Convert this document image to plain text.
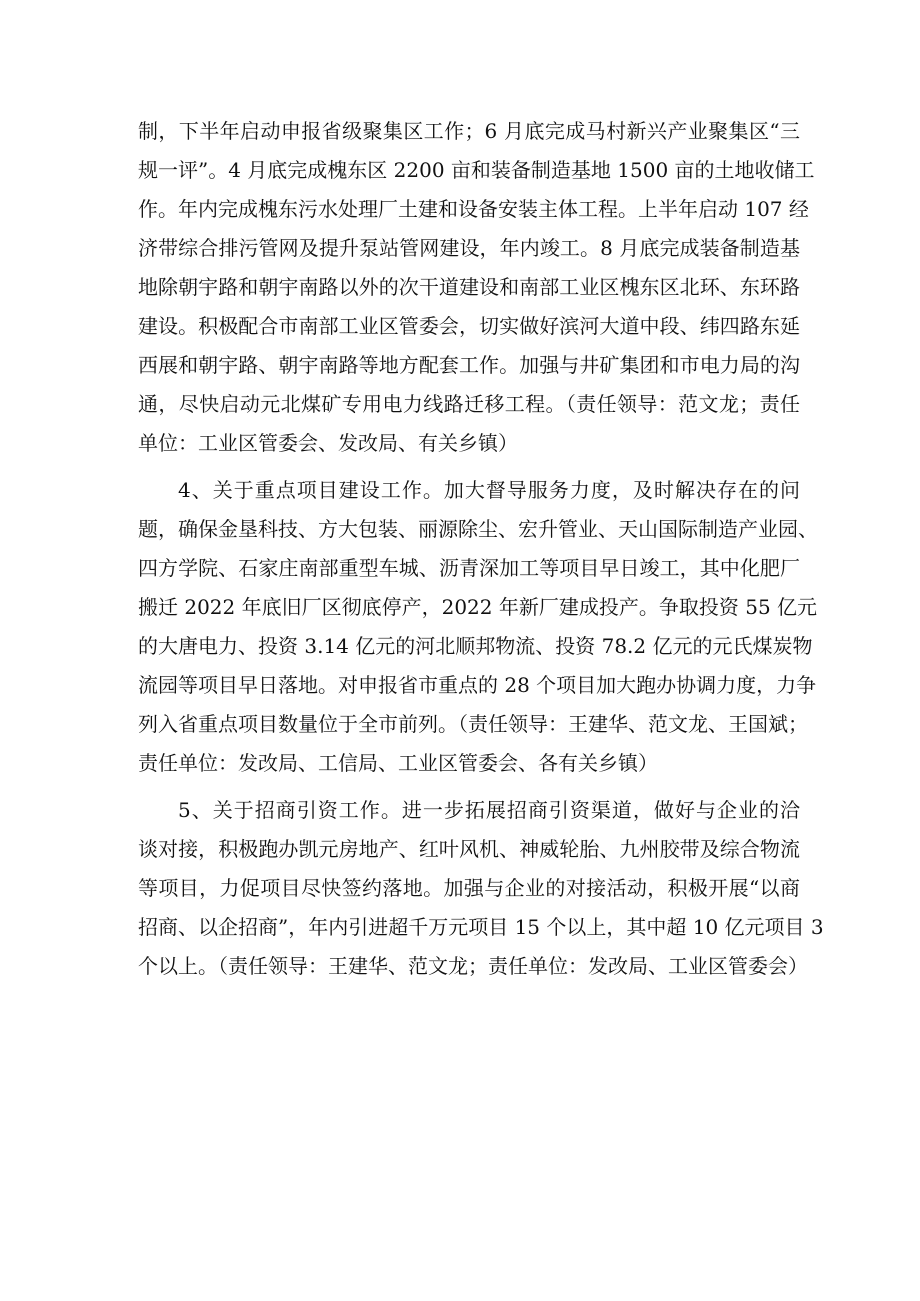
制，下半年启动申报省级聚集区工作；6 月底完成马村新兴产业聚集区“三
规一评”。4 月底完成槐东区 2200 亩和装备制造基地 1500 亩的土地收储工
作。年内完成槐东污水处理厂土建和设备安装主体工程。上半年启动 107 经
济带综合排污管网及提升泵站管网建设，年内竣工。8 月底完成装备制造基
地除朝宇路和朝宇南路以外的次干道建设和南部工业区槐东区北环、东环路
建设。积极配合市南部工业区管委会，切实做好滨河大道中段、纬四路东延
西展和朝宇路、朝宇南路等地方配套工作。加强与井矿集团和市电力局的沟
通，尽快启动元北煤矿专用电力线路迁移工程。（责任领导：范文龙；责任
单位：工业区管委会、发改局、有关乡镇）
4、关于重点项目建设工作。加大督导服务力度，及时解决存在的问
题，确保金垦科技、方大包装、丽源除尘、宏升管业、天山国际制造产业园、
四方学院、石家庄南部重型车城、沥青深加工等项目早日竣工，其中化肥厂
搬迁 2022 年底旧厂区彻底停产，2022 年新厂建成投产。争取投资 55 亿元
的大唐电力、投资 3.14 亿元的河北顺邦物流、投资 78.2 亿元的元氏煤炭物
流园等项目早日落地。对申报省市重点的 28 个项目加大跑办协调力度，力争
列入省重点项目数量位于全市前列。（责任领导：王建华、范文龙、王国斌；
责任单位：发改局、工信局、工业区管委会、各有关乡镇）
5、关于招商引资工作。进一步拓展招商引资渠道，做好与企业的洽
谈对接，积极跑办凯元房地产、红叶风机、神威轮胎、九州胶带及综合物流
等项目，力促项目尽快签约落地。加强与企业的对接活动，积极开展“以商
招商、以企招商”，年内引进超千万元项目 15 个以上，其中超 10 亿元项目 3
个以上。（责任领导：王建华、范文龙；责任单位：发改局、工业区管委会）
